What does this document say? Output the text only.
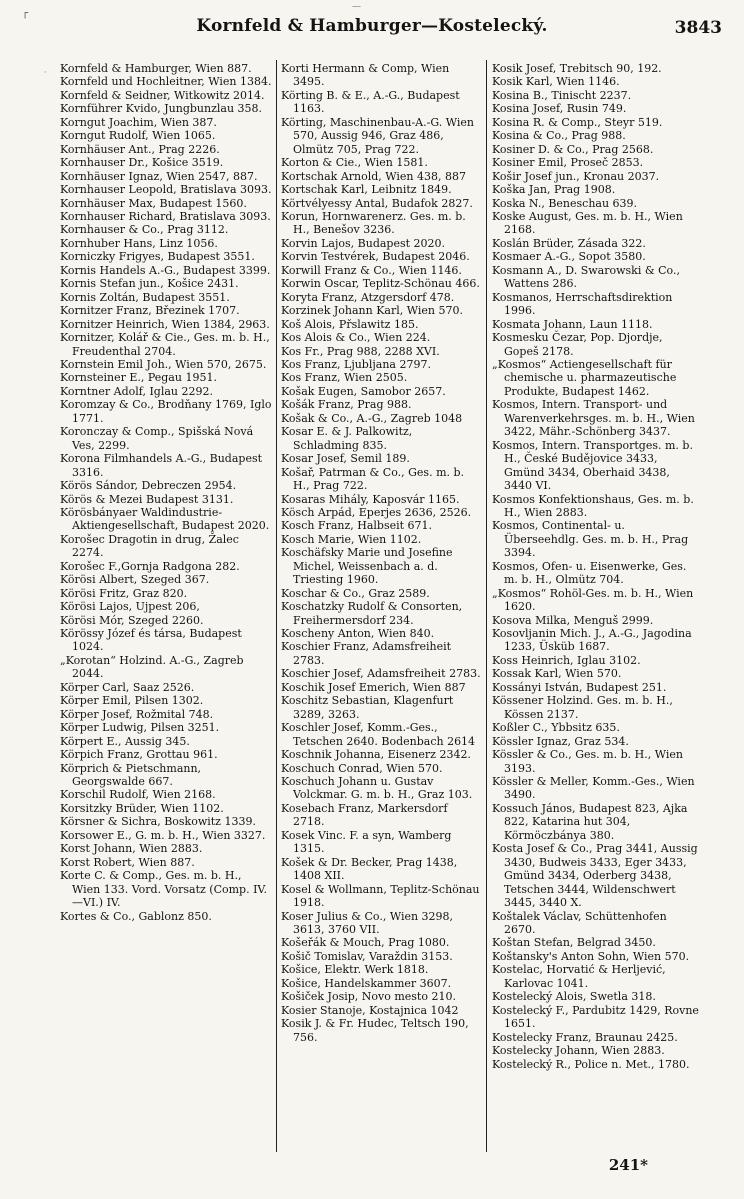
┌
—
Kornfeld & Hamburger—Kostelecký.	3843
· Kornfeld & Hamburger, Wien 887.

Kornfeld und Hochleitner, Wien 1384.

Kornfeld & Seidner, Witkowitz 2014.

Kornführer Kvido, Jungbunzlau 358.

Korngut Joachim, Wien 387.

Korngut Rudolf, Wien 1065.

Kornhäuser Ant., Prag 2226.

Kornhauser Dr., Košice 3519.

Kornhäuser Ignaz, Wien 2547, 887.

Kornhauser Leopold, Bratislava 3093.

Kornhäuser Max, Budapest 1560.

Kornhauser Richard, Bratislava 3093.

Kornhauser & Co., Prag 3112.

Kornhuber Hans, Linz 1056.

Korniczky Frigyes, Budapest 3551.

Kornis Handels A.-G., Budapest 3399.

Kornis Stefan jun., Košice 2431.

Kornis Zoltán, Budapest 3551.

Kornitzer Franz, Březinek 1707.

Kornitzer Heinrich, Wien 1384, 2963.

Kornitzer, Kolář & Cie., Ges. m. b. H., Freudenthal 2704.

Kornstein Emil Joh., Wien 570, 2675.

Kornsteiner E., Pegau 1951.

Korntner Adolf, Iglau 2292.

Koromzay & Co., Brodňany 1769, Iglo 1771.

Koronczay & Comp., Spišská Nová Ves, 2299.

Korona Filmhandels A.-G., Budapest 3316.

Körös Sándor, Debreczen 2954.

Körös & Mezei Budapest 3131.

Körösbányaer Waldindustrie-Aktiengesellschaft, Budapest 2020.

Korošec Dragotin in drug, Žalec 2274.

Korošec F.,Gornja Radgona 282.

Körösi Albert, Szeged 367.

Körösi Fritz, Graz 820.

Körösi Lajos, Ujpest 206,

Körösi Mór, Szeged 2260.

Körössy Józef és társa, Budapest 1024.

„Korotan“ Holzind. A.-G., Zagreb 2044.

Körper Carl, Saaz 2526.

Körper Emil, Pilsen 1302.

Körper Josef, Rožmital 748.

Körper Ludwig, Pilsen 3251.

Körpert E., Aussig 345.

Körpich Franz, Grottau 961.

Körprich & Pietschmann, Georgswalde 667.

Korschil Rudolf, Wien 2168.

Korsitzky Brüder, Wien 1102.

Körsner & Sichra, Boskowitz 1339.

Korsower E., G. m. b. H., Wien 3327.

Korst Johann, Wien 2883.

Korst Robert, Wien 887.

Korte C. & Comp., Ges. m. b. H., Wien 133. Vord. Vorsatz (Comp. IV.—VI.) IV.

Kortes & Co., Gablonz 850.

Korti Hermann & Comp, Wien 3495.

Körting B. & E., A.-G., Budapest 1163.

Körting, Maschinenbau-A.-G. Wien 570, Aussig 946, Graz 486, Olmütz 705, Prag 722.

Korton & Cie., Wien 1581.

Kortschak Arnold, Wien 438, 887

Kortschak Karl, Leibnitz 1849.

Körtvélyessy Antal, Budafok 2827.

Korun, Hornwarenerz. Ges. m. b. H., Benešov 3236.

Korvin Lajos, Budapest 2020.

Korvin Testvérek, Budapest 2046.

Korwill Franz & Co., Wien 1146.

Korwin Oscar, Teplitz-Schönau 466.

Koryta Franz, Atzgersdorf 478.

Korzinek Johann Karl, Wien 570.

Koš Alois, Přslawitz 185.

Kos Alois & Co., Wien 224.

Kos Fr., Prag 988, 2288 XVI.

Kos Franz, Ljubljana 2797.

Kos Franz, Wien 2505.

Košak Eugen, Samobor 2657.

Košák Franz, Prag 988.

Košak & Co., A.-G., Zagreb 1048

Kosar E. & J. Palkowitz, Schladming 835.

Kosar Josef, Semil 189.

Košař, Patrman & Co., Ges. m. b. H., Prag 722.

Kosaras Mihály, Kaposvár 1165.

Kösch Arpád, Eperjes 2636, 2526.

Kosch Franz, Halbseit 671.

Kosch Marie, Wien 1102.

Koschäfsky Marie und Josefine Michel, Weissenbach a. d. Triesting 1960.

Koschar & Co., Graz 2589.

Koschatzky Rudolf & Consorten, Freihermersdorf 234.

Koscheny Anton, Wien 840.

Koschier Franz, Adamsfreiheit 2783.

Koschier Josef, Adamsfreiheit 2783.

Koschik Josef Emerich, Wien 887

Koschitz Sebastian, Klagenfurt 3289, 3263.

Koschler Josef, Komm.-Ges., Tetschen 2640. Bodenbach 2614

Koschnik Johanna, Eisenerz 2342.

Koschuch Conrad, Wien 570.

Koschuch Johann u. Gustav Volckmar. G. m. b. H., Graz 103.

Kosebach Franz, Markersdorf 2718.

Kosek Vinc. F. a syn, Wamberg 1315.

Košek & Dr. Becker, Prag 1438, 1408 XII.

Kosel & Wollmann, Teplitz-Schönau 1918.

Koser Julius & Co., Wien 3298, 3613, 3760 VII.

Košeřák & Mouch, Prag 1080.

Košič Tomislav, Varaždin 3153.

Košice, Elektr. Werk 1818.

Košice, Handelskammer 3607.

Košiček Josip, Novo mesto 210.

Kosier Stanoje, Kostajnica 1042

Kosik J. & Fr. Hudec, Teltsch 190, 756.

Kosik Josef, Trebitsch 90, 192.

Kosik Karl, Wien 1146.

Kosina B., Tinischt 2237.

Kosina Josef, Rusin 749.

Kosina R. & Comp., Steyr 519.

Kosina & Co., Prag 988.

Kosiner D. & Co., Prag 2568.

Kosiner Emil, Proseč 2853.

Košir Josef jun., Kronau 2037.

Koška Jan, Prag 1908.

Koska N., Beneschau 639.

Koske August, Ges. m. b. H., Wien 2168.

Koslán Brüder, Zásada 322.

Kosmaer A.-G., Sopot 3580.

Kosmann A., D. Swarowski & Co., Wattens 286.

Kosmanos, Herrschaftsdirektion 1996.

Kosmata Johann, Laun 1118.

Kosmesku Čezar, Pop. Djordje, Gopeš 2178.

„Kosmos“ Actiengesellschaft für chemische u. pharmazeutische Produkte, Budapest 1462.

Kosmos, Intern. Transport- und Warenverkehrsges. m. b. H., Wien 3422, Mähr.-Schönberg 3437.

Kosmos, Intern. Transportges. m. b. H., České Budějovice 3433, Gmünd 3434, Oberhaid 3438, 3440 VI.

Kosmos Konfektionshaus, Ges. m. b. H., Wien 2883.

Kosmos, Continental- u. Überseehdlg. Ges. m. b. H., Prag 3394.

Kosmos, Ofen- u. Eisenwerke, Ges. m. b. H., Olmütz 704.

„Kosmos“ Rohöl-Ges. m. b. H., Wien 1620.

Kosova Milka, Menguš 2999.

Kosovljanin Mich. J., A.-G., Jagodina 1233, Üsküb 1687.

Koss Heinrich, Iglau 3102.

Kossak Karl, Wien 570.

Kossányi István, Budapest 251.

Kössener Holzind. Ges. m. b. H., Kössen 2137.

Koßler C., Ybbsitz 635.

Kössler Ignaz, Graz 534.

Kössler & Co., Ges. m. b. H., Wien 3193.

Kössler & Meller, Komm.-Ges., Wien 3490.

Kossuch János, Budapest 823, Ajka 822, Katarina hut 304, Körmöczbánya 380.

Kosta Josef & Co., Prag 3441, Aussig 3430, Budweis 3433, Eger 3433, Gmünd 3434, Oderberg 3438, Tetschen 3444, Wildenschwert 3445, 3440 X.

Koštalek Václav, Schüttenhofen 2670.

Koštan Stefan, Belgrad 3450.

Koštansky's Anton Sohn, Wien 570.

Kostelac, Horvatić & Herljević, Karlovac 1041.

Kostelecký Alois, Swetla 318.

Kostelecký F., Pardubitz 1429, Rovne 1651.

Kostelecky Franz, Braunau 2425.

Kostelecky Johann, Wien 2883.

Kostelecký R., Police n. Met., 1780.

241*
